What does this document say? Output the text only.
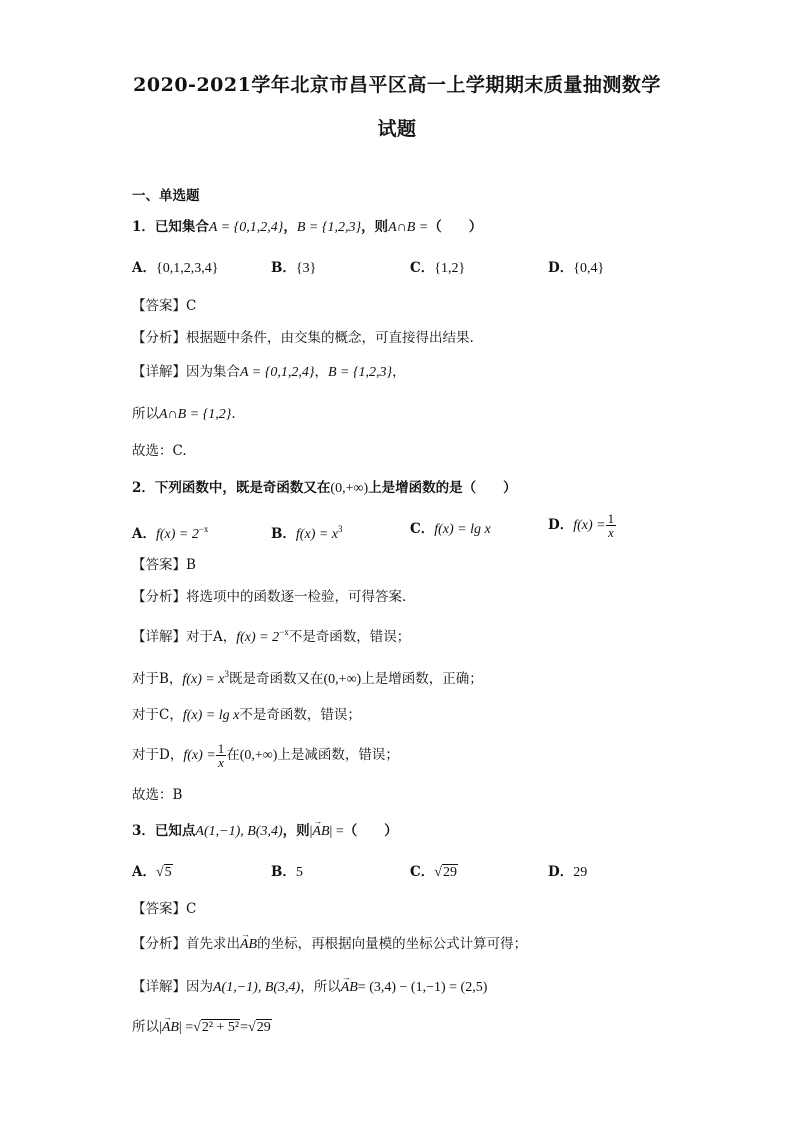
2020-2021学年北京市昌平区高一上学期期末质量抽测数学
试题
一、单选题
1．已知集合A = {0,1,2,4}，B = {1,2,3}，则A∩B =（　　）
A．{0,1,2,3,4}	B．{3}	C．{1,2}	D．{0,4}
【答案】C
【分析】根据题中条件，由交集的概念，可直接得出结果.
【详解】因为集合A = {0,1,2,4}，B = {1,2,3}，
所以A∩B = {1,2}.
故选：C.
2．下列函数中，既是奇函数又在(0,+∞)上是增函数的是（　　）
A．$f(x) = 2^{-x}$	B．$f(x) = x^3$	C．f(x) = lg x	D．$f(x) = \frac{1}{x}$
【答案】B
【分析】将选项中的函数逐一检验，可得答案．
【详解】对于A，$f(x) = 2^{-x}$不是奇函数，错误；
对于B，$f(x) = x^3$既是奇函数又在(0,+∞)上是增函数，正确；
对于C，f(x) = lg x不是奇函数，错误；
对于D，$f(x) = \frac{1}{x}$ 在(0,+∞)上是减函数，错误；
故选：B
3．已知点A(1,−1), B(3,4)，则|→ AB| =（　　）
A．√5	B．5	C．√29	D．29
【答案】C
【分析】首先求出→ AB的坐标，再根据向量模的坐标公式计算可得；
【详解】因为A(1,−1), B(3,4)，所以→ AB= (3,4) − (1,−1) = (2,5)
所以|→ AB| =√2² + 5²=√29
